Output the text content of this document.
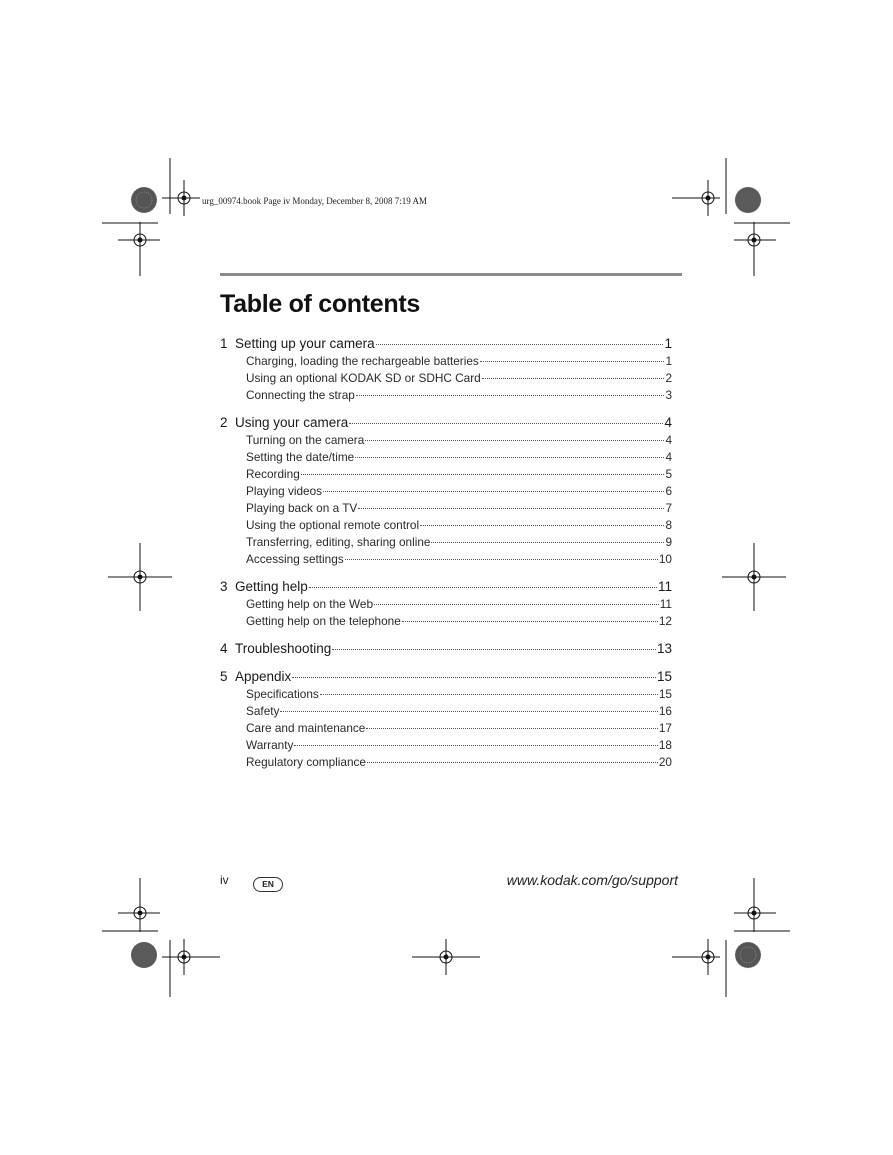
urg_00974.book Page iv Monday, December 8, 2008 7:19 AM
Table of contents
1 Setting up your camera	1
Charging, loading the rechargeable batteries	1
Using an optional KODAK SD or SDHC Card	2
Connecting the strap	3
2 Using your camera	4
Turning on the camera	4
Setting the date/time	4
Recording	5
Playing videos	6
Playing back on a TV	7
Using the optional remote control	8
Transferring, editing, sharing online	9
Accessing settings	10
3 Getting help	11
Getting help on the Web	11
Getting help on the telephone	12
4 Troubleshooting	13
5 Appendix	15
Specifications	15
Safety	16
Care and maintenance	17
Warranty	18
Regulatory compliance	20
iv	EN	www.kodak.com/go/support
